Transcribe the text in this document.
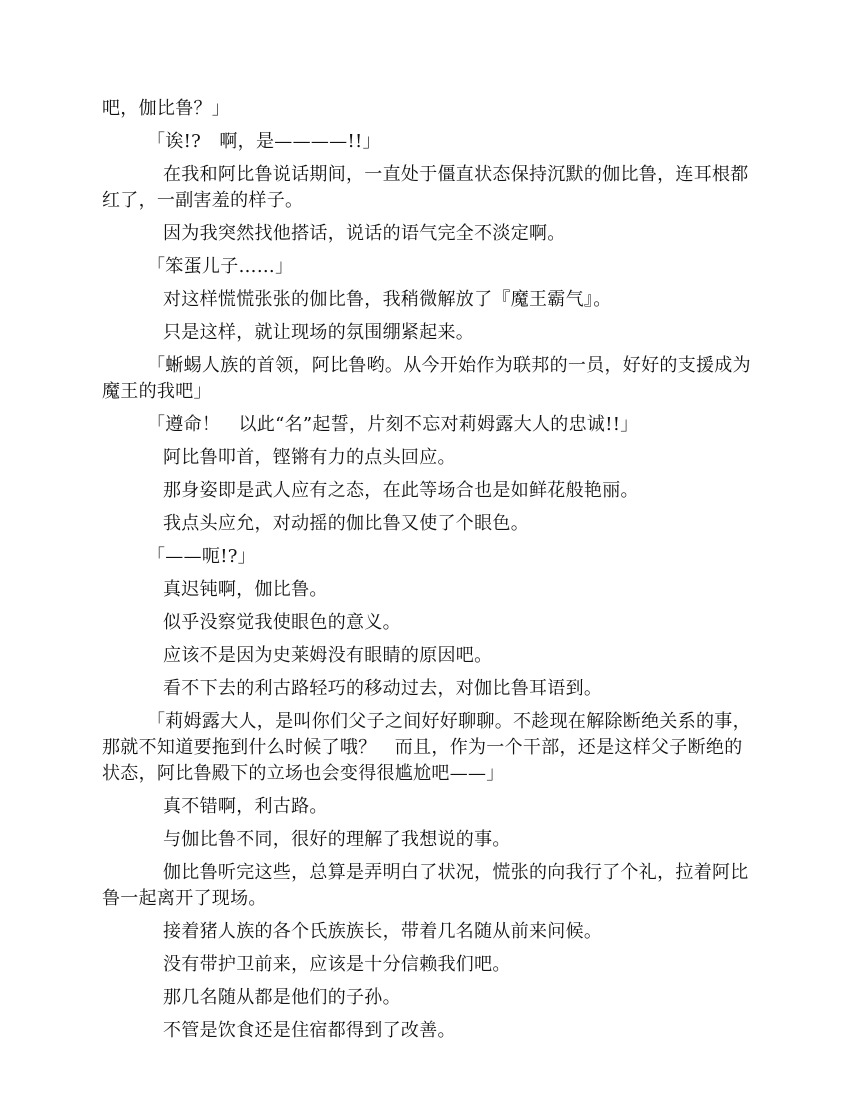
吧，伽比鲁？」

「诶!?　啊，是————!!」

在我和阿比鲁说话期间，一直处于僵直状态保持沉默的伽比鲁，连耳根都红了，一副害羞的样子。

因为我突然找他搭话，说话的语气完全不淡定啊。

「笨蛋儿子……」

对这样慌慌张张的伽比鲁，我稍微解放了『魔王霸气』。

只是这样，就让现场的氛围绷紧起来。

「蜥蜴人族的首领，阿比鲁哟。从今开始作为联邦的一员，好好的支援成为魔王的我吧」

「遵命！　以此“名”起誓，片刻不忘对莉姆露大人的忠诚!!」

阿比鲁叩首，铿锵有力的点头回应。

那身姿即是武人应有之态，在此等场合也是如鲜花般艳丽。

我点头应允，对动摇的伽比鲁又使了个眼色。

「——呃!?」

真迟钝啊，伽比鲁。

似乎没察觉我使眼色的意义。

应该不是因为史莱姆没有眼睛的原因吧。

看不下去的利古路轻巧的移动过去，对伽比鲁耳语到。

「莉姆露大人，是叫你们父子之间好好聊聊。不趁现在解除断绝关系的事，那就不知道要拖到什么时候了哦？　而且，作为一个干部，还是这样父子断绝的状态，阿比鲁殿下的立场也会变得很尴尬吧——」

真不错啊，利古路。

与伽比鲁不同，很好的理解了我想说的事。

伽比鲁听完这些，总算是弄明白了状况，慌张的向我行了个礼，拉着阿比鲁一起离开了现场。

接着猪人族的各个氏族族长，带着几名随从前来问候。

没有带护卫前来，应该是十分信赖我们吧。

那几名随从都是他们的子孙。

不管是饮食还是住宿都得到了改善。
